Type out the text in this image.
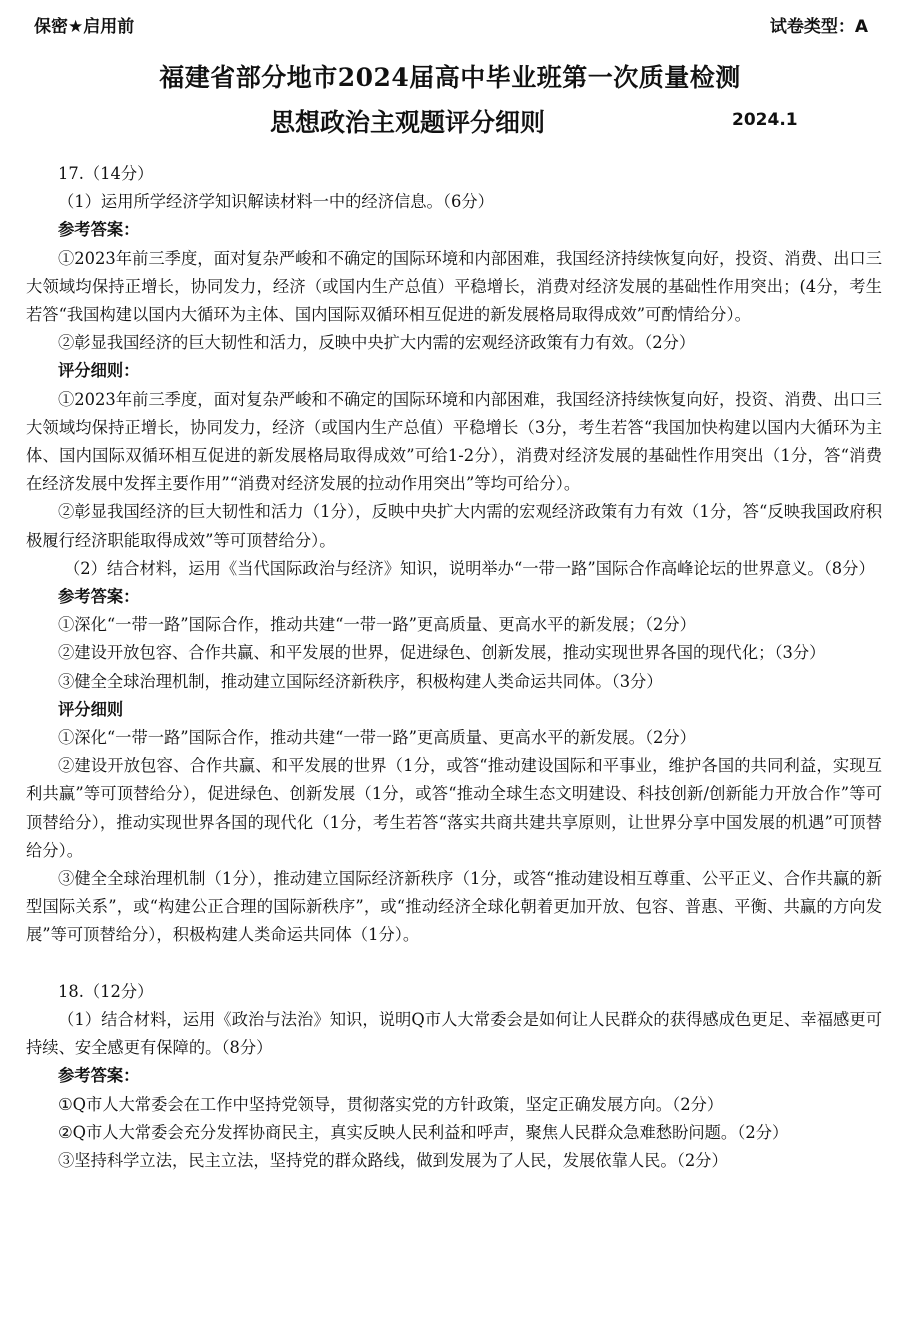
保密★启用前	试卷类型：A
福建省部分地市2024届高中毕业班第一次质量检测
思想政治主观题评分细则	2024.1

17.（14分）

（1）运用所学经济学知识解读材料一中的经济信息。（6分）

参考答案：

①2023年前三季度，面对复杂严峻和不确定的国际环境和内部困难，我国经济持续恢复向好，投资、消费、出口三大领域均保持正增长，协同发力，经济（或国内生产总值）平稳增长，消费对经济发展的基础性作用突出；(4分，考生若答“我国构建以国内大循环为主体、国内国际双循环相互促进的新发展格局取得成效”可酌情给分）。

②彰显我国经济的巨大韧性和活力，反映中央扩大内需的宏观经济政策有力有效。（2分）

评分细则：

①2023年前三季度，面对复杂严峻和不确定的国际环境和内部困难，我国经济持续恢复向好，投资、消费、出口三大领域均保持正增长，协同发力，经济（或国内生产总值）平稳增长（3分，考生若答“我国加快构建以国内大循环为主体、国内国际双循环相互促进的新发展格局取得成效”可给1-2分），消费对经济发展的基础性作用突出（1分，答“消费在经济发展中发挥主要作用”“消费对经济发展的拉动作用突出”等均可给分）。

②彰显我国经济的巨大韧性和活力（1分），反映中央扩大内需的宏观经济政策有力有效（1分，答“反映我国政府积极履行经济职能取得成效”等可顶替给分）。

（2）结合材料，运用《当代国际政治与经济》知识，说明举办“一带一路”国际合作高峰论坛的世界意义。（8分）

参考答案：

①深化“一带一路”国际合作，推动共建“一带一路”更高质量、更高水平的新发展；（2分）

②建设开放包容、合作共赢、和平发展的世界，促进绿色、创新发展，推动实现世界各国的现代化；（3分）

③健全全球治理机制，推动建立国际经济新秩序，积极构建人类命运共同体。（3分）

评分细则

①深化“一带一路”国际合作，推动共建“一带一路”更高质量、更高水平的新发展。（2分）

②建设开放包容、合作共赢、和平发展的世界（1分，或答“推动建设国际和平事业，维护各国的共同利益，实现互利共赢”等可顶替给分），促进绿色、创新发展（1分，或答“推动全球生态文明建设、科技创新/创新能力开放合作”等可顶替给分），推动实现世界各国的现代化（1分，考生若答“落实共商共建共享原则，让世界分享中国发展的机遇”可顶替给分）。

③健全全球治理机制（1分），推动建立国际经济新秩序（1分，或答“推动建设相互尊重、公平正义、合作共赢的新型国际关系”，或“构建公正合理的国际新秩序”，或“推动经济全球化朝着更加开放、包容、普惠、平衡、共赢的方向发展”等可顶替给分），积极构建人类命运共同体（1分）。

18.（12分）

（1）结合材料，运用《政治与法治》知识，说明Q市人大常委会是如何让人民群众的获得感成色更足、幸福感更可持续、安全感更有保障的。（8分）

参考答案：

①Q市人大常委会在工作中坚持党领导，贯彻落实党的方针政策，坚定正确发展方向。（2分）

②Q市人大常委会充分发挥协商民主，真实反映人民利益和呼声，聚焦人民群众急难愁盼问题。（2分）

③坚持科学立法，民主立法，坚持党的群众路线，做到发展为了人民，发展依靠人民。（2分）
